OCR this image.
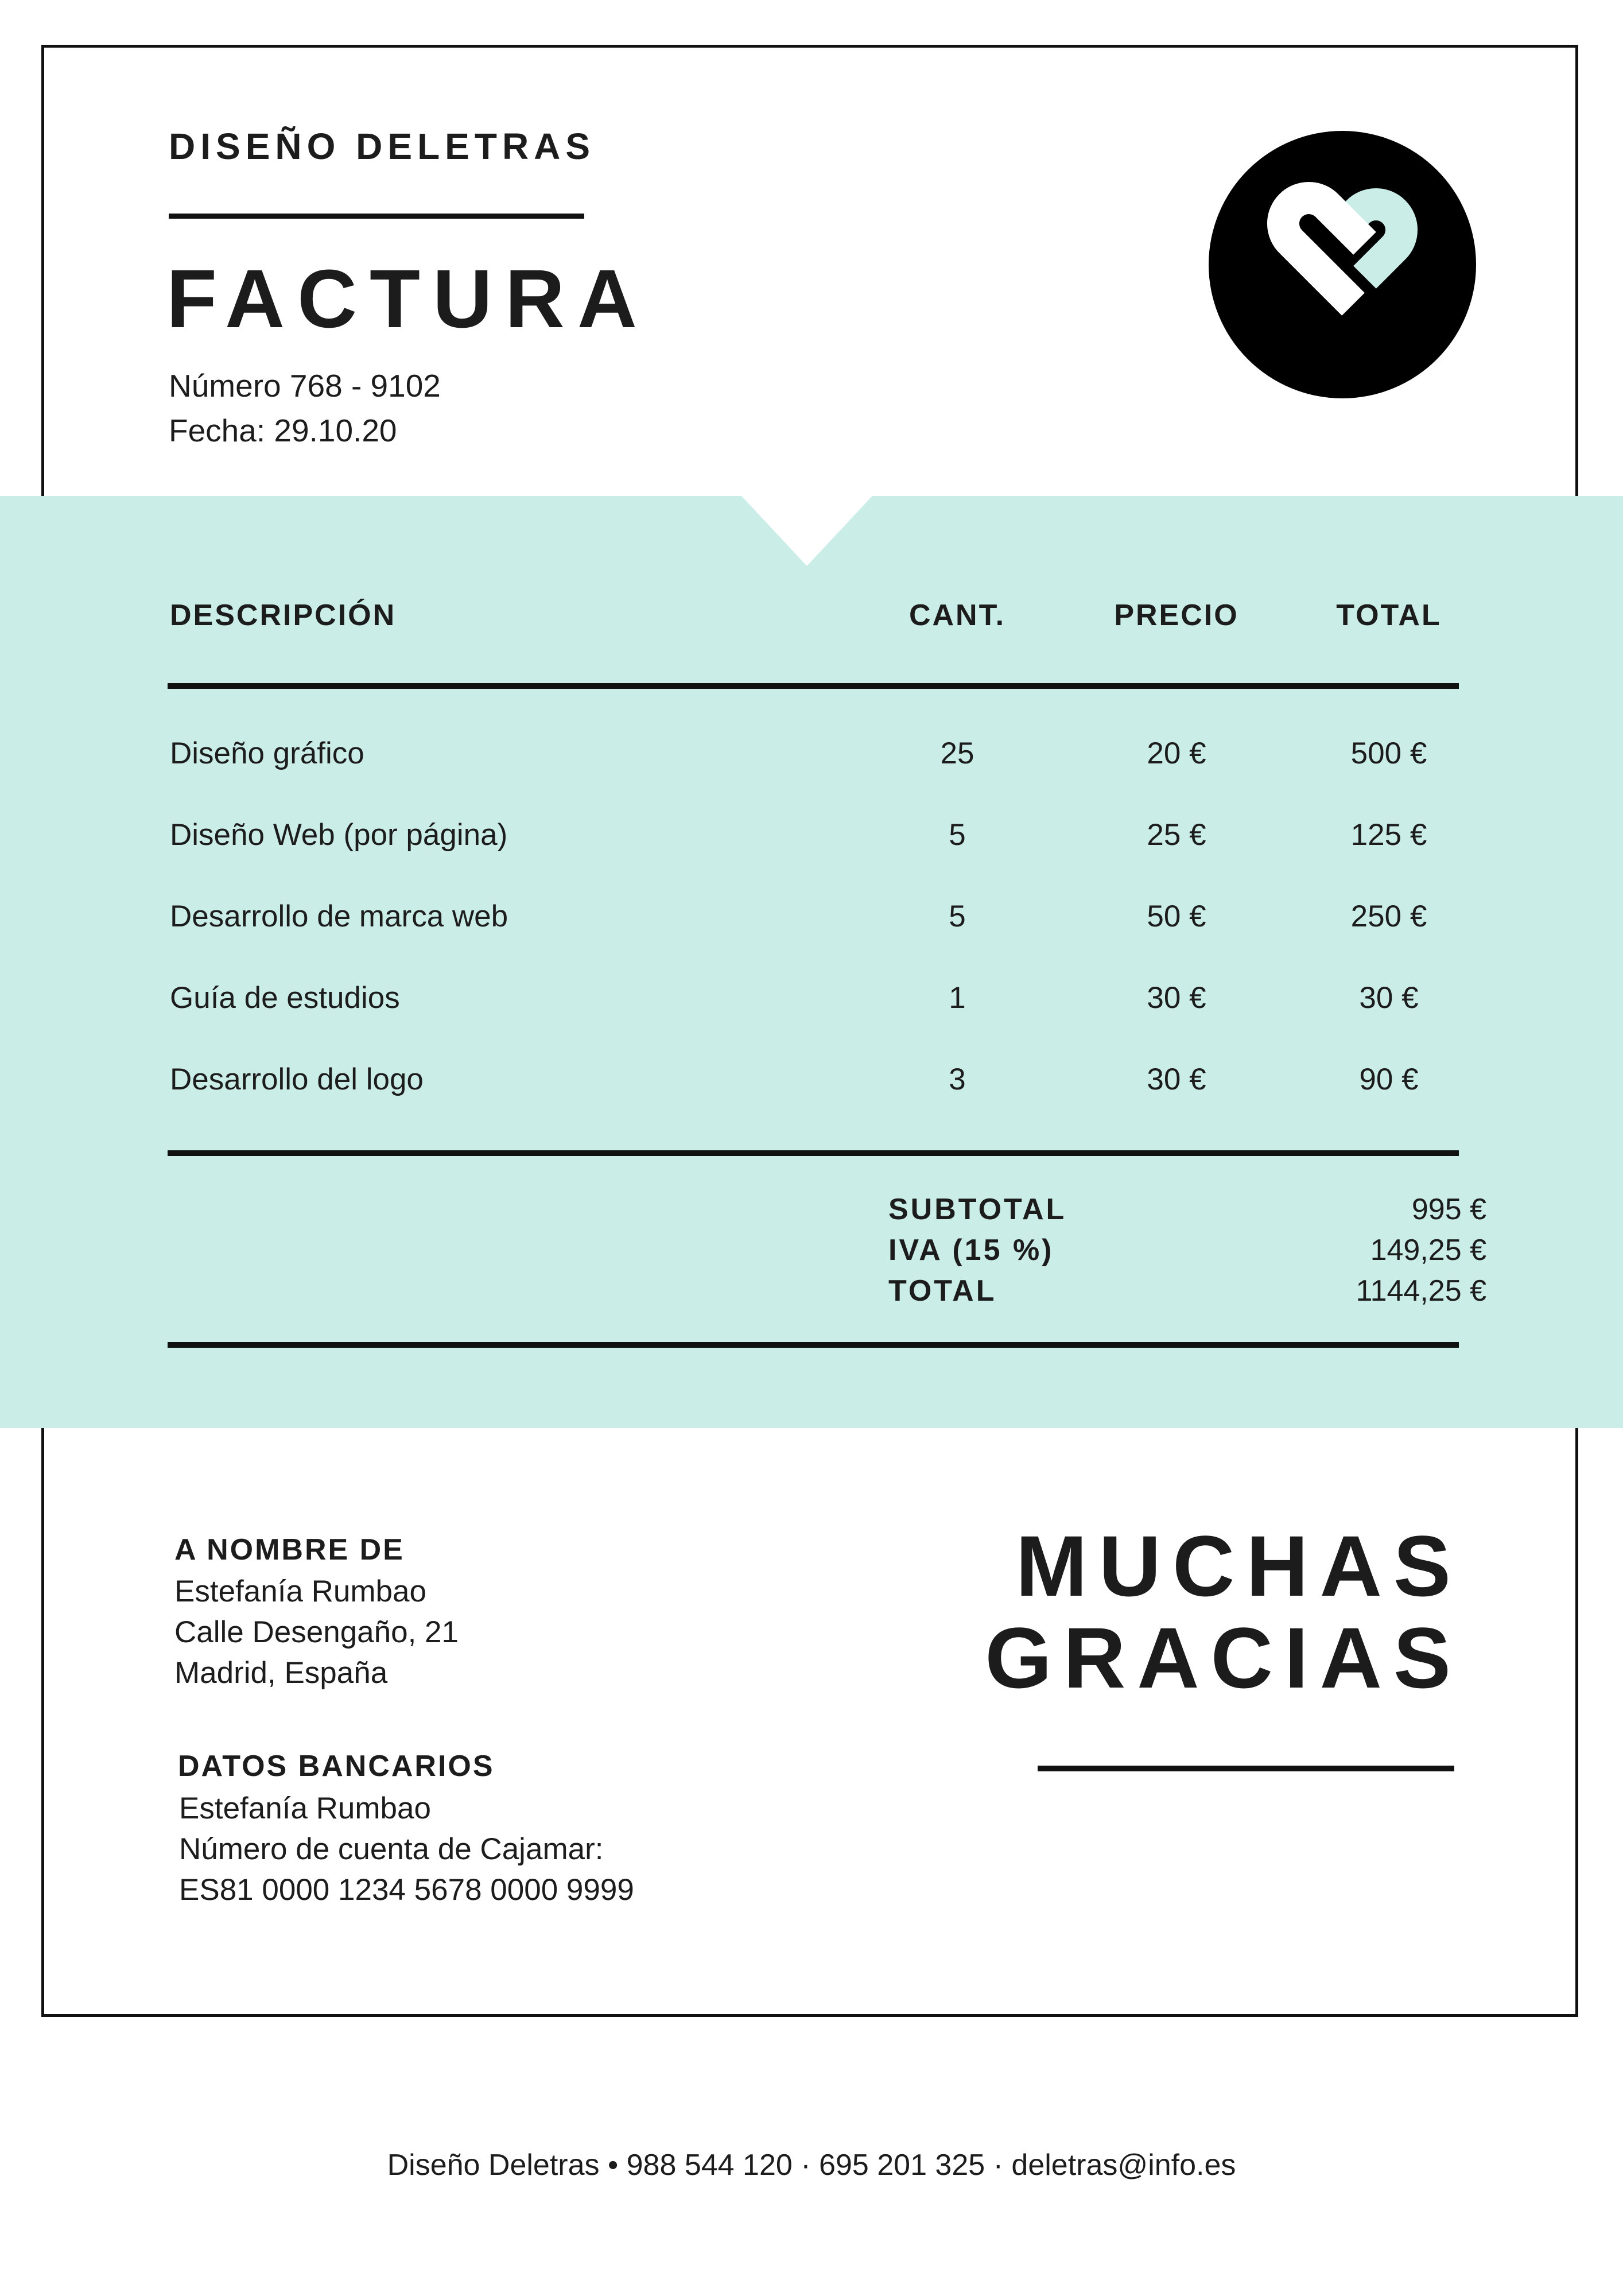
DISEÑO DELETRAS
FACTURA
Número 768 - 9102
Fecha: 29.10.20
DESCRIPCIÓN	CANT.	PRECIO	TOTAL
Diseño gráfico	25	20 €	500 €
Diseño Web (por página)	5	25 €	125 €
Desarrollo de marca web	5	50 €	250 €
Guía de estudios	1	30 €	30 €
Desarrollo del logo	3	30 €	90 €
SUBTOTAL	995 €
IVA (15 %)	149,25 €
TOTAL	1144,25 €
A NOMBRE DE
Estefanía Rumbao
Calle Desengaño, 21
Madrid, España
DATOS BANCARIOS
Estefanía Rumbao
Número de cuenta de Cajamar:
ES81 0000 1234 5678 0000 9999
MUCHAS
GRACIAS
Diseño Deletras • 988 544 120 · 695 201 325 · deletras@info.es
